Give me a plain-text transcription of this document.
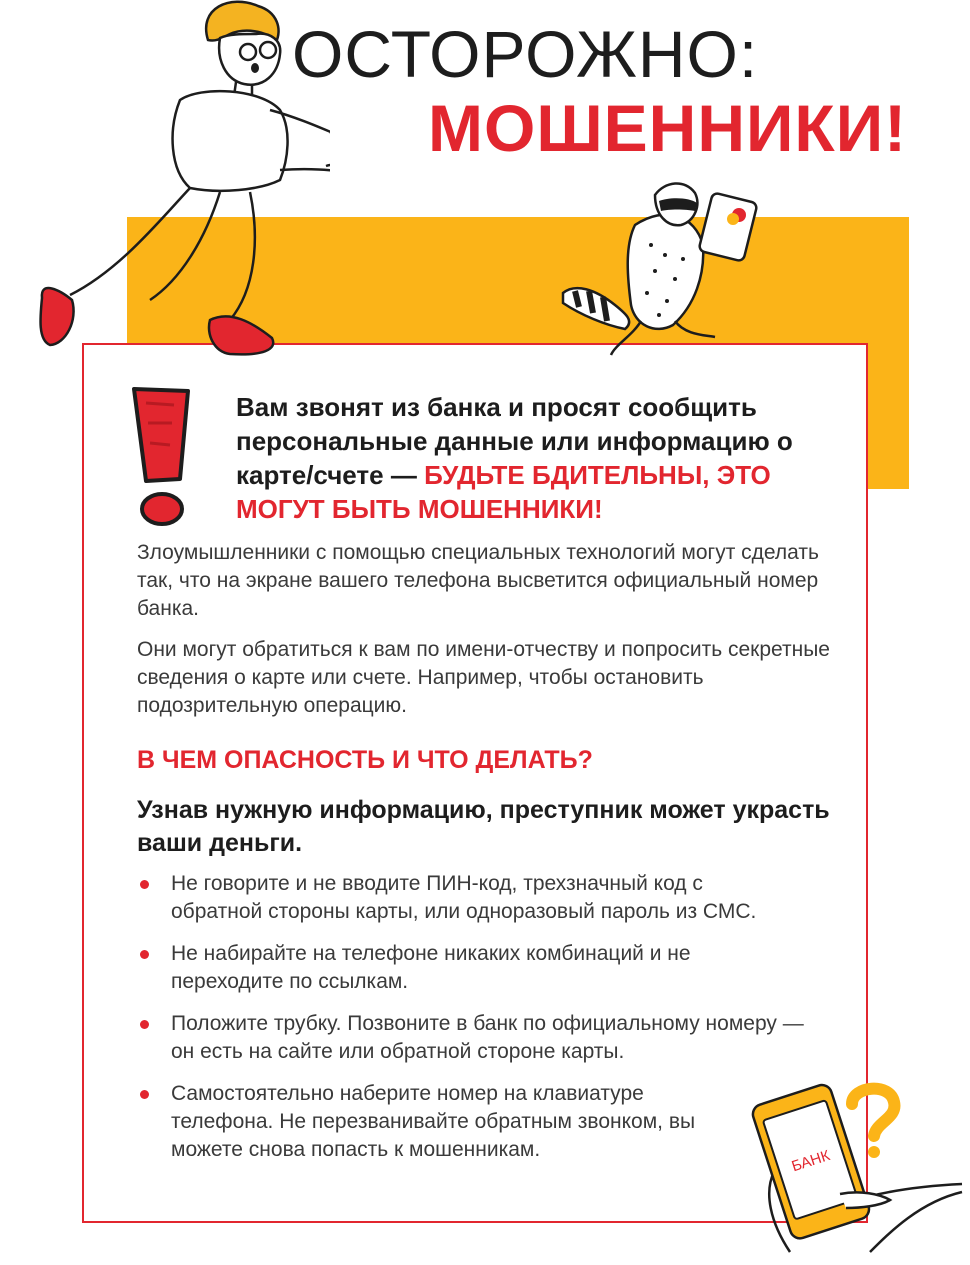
ОСТОРОЖНО:
МОШЕННИКИ!
Вам звонят из банка и просят сообщить персональные данные или информацию о карте/счете — БУДЬТЕ БДИТЕЛЬНЫ, ЭТО МОГУТ БЫТЬ МОШЕННИКИ!
Злоумышленники с помощью специальных технологий могут сделать так, что на экране вашего телефона высветится официальный номер банка.
Они могут обратиться к вам по имени-отчеству и попросить секретные сведения о карте или счете. Например, чтобы остановить подозрительную операцию.
В ЧЕМ ОПАСНОСТЬ И ЧТО ДЕЛАТЬ?
Узнав нужную информацию, преступник может украсть ваши деньги.
Не говорите и не вводите ПИН-код, трехзначный код с обратной стороны карты, или одноразовый пароль из СМС.
Не набирайте на телефоне никаких комбинаций и не переходите по ссылкам.
Положите трубку. Позвоните в банк по официальному номеру — он есть на сайте или обратной стороне карты.
Самостоятельно наберите номер на клавиатуре телефона. Не перезванивайте обратным звонком, вы можете снова попасть к мошенникам.	БАНК
